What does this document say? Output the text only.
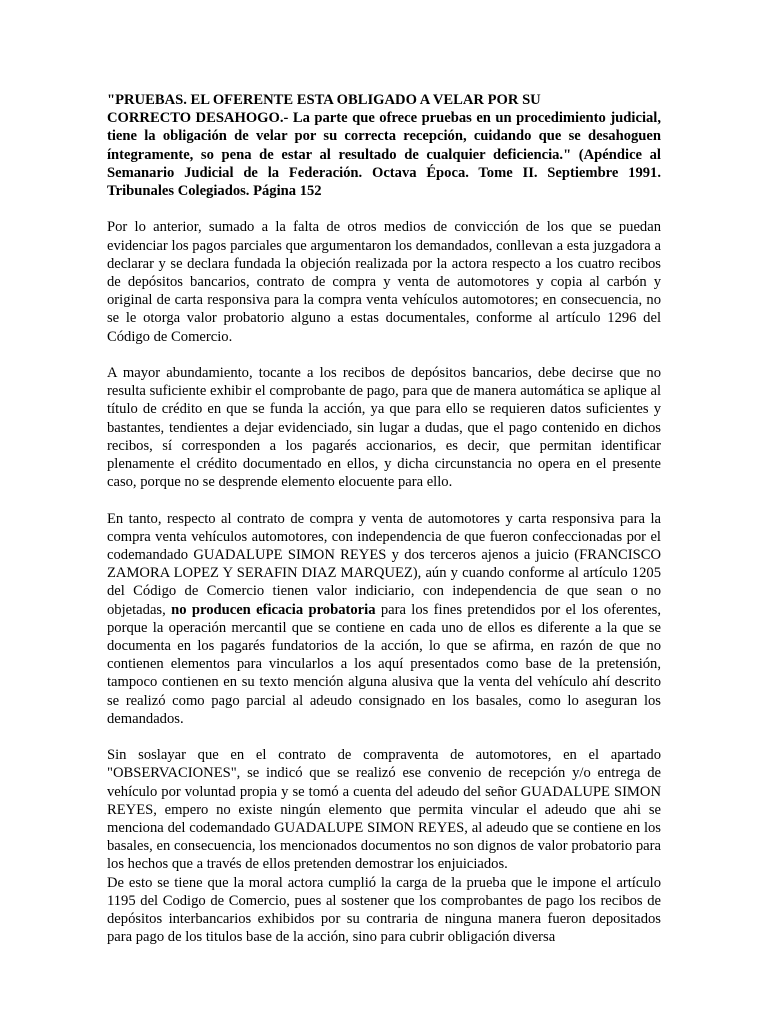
"PRUEBAS. EL OFERENTE ESTA OBLIGADO A VELAR POR SU

CORRECTO DESAHOGO.- La parte que ofrece pruebas en un procedimiento judicial, tiene la obligación de velar por su correcta recepción, cuidando que se desahoguen íntegramente, so pena de estar al resultado de cualquier deficiencia." (Apéndice al Semanario Judicial de la Federación. Octava Época. Tome II. Septiembre 1991. Tribunales Colegiados. Página 152

Por lo anterior, sumado a la falta de otros medios de convicción de los que se puedan evidenciar los pagos parciales que argumentaron los demandados, conllevan a esta juzgadora a declarar y se declara fundada la objeción realizada por la actora respecto a los cuatro recibos de depósitos bancarios, contrato de compra y venta de automotores y copia al carbón y original de carta responsiva para la compra venta vehículos automotores; en consecuencia, no se le otorga valor probatorio alguno a estas documentales, conforme al artículo 1296 del Código de Comercio.

A mayor abundamiento, tocante a los recibos de depósitos bancarios, debe decirse que no resulta suficiente exhibir el comprobante de pago, para que de manera automática se aplique al título de crédito en que se funda la acción, ya que para ello se requieren datos suficientes y bastantes, tendientes a dejar evidenciado, sin lugar a dudas, que el pago contenido en dichos recibos, sí corresponden a los pagarés accionarios, es decir, que permitan identificar plenamente el crédito documentado en ellos, y dicha circunstancia no opera en el presente caso, porque no se desprende elemento elocuente para ello.

En tanto, respecto al contrato de compra y venta de automotores y carta responsiva para la compra venta vehículos automotores, con independencia de que fueron confeccionadas por el codemandado GUADALUPE SIMON REYES y dos terceros ajenos a juicio (FRANCISCO ZAMORA LOPEZ Y SERAFIN DIAZ MARQUEZ), aún y cuando conforme al artículo 1205 del Código de Comercio tienen valor indiciario, con independencia de que sean o no objetadas, no producen eficacia probatoria para los fines pretendidos por el los oferentes, porque la operación mercantil que se contiene en cada uno de ellos es diferente a la que se documenta en los pagarés fundatorios de la acción, lo que se afirma, en razón de que no contienen elementos para vincularlos a los aquí presentados como base de la pretensión, tampoco contienen en su texto mención alguna alusiva que la venta del vehículo ahí descrito se realizó como pago parcial al adeudo consignado en los basales, como lo aseguran los demandados.

Sin soslayar que en el contrato de compraventa de automotores, en el apartado "OBSERVACIONES", se indicó que se realizó ese convenio de recepción y/o entrega de vehículo por voluntad propia y se tomó a cuenta del adeudo del señor GUADALUPE SIMON REYES, empero no existe ningún elemento que permita vincular el adeudo que ahi se menciona del codemandado GUADALUPE SIMON REYES, al adeudo que se contiene en los basales, en consecuencia, los mencionados documentos no son dignos de valor probatorio para los hechos que a través de ellos pretenden demostrar los enjuiciados.

De esto se tiene que la moral actora cumplió la carga de la prueba que le impone el artículo 1195 del Codigo de Comercio, pues al sostener que los comprobantes de pago los recibos de depósitos interbancarios exhibidos por su contraria de ninguna manera fueron depositados para pago de los titulos base de la acción, sino para cubrir obligación diversa
